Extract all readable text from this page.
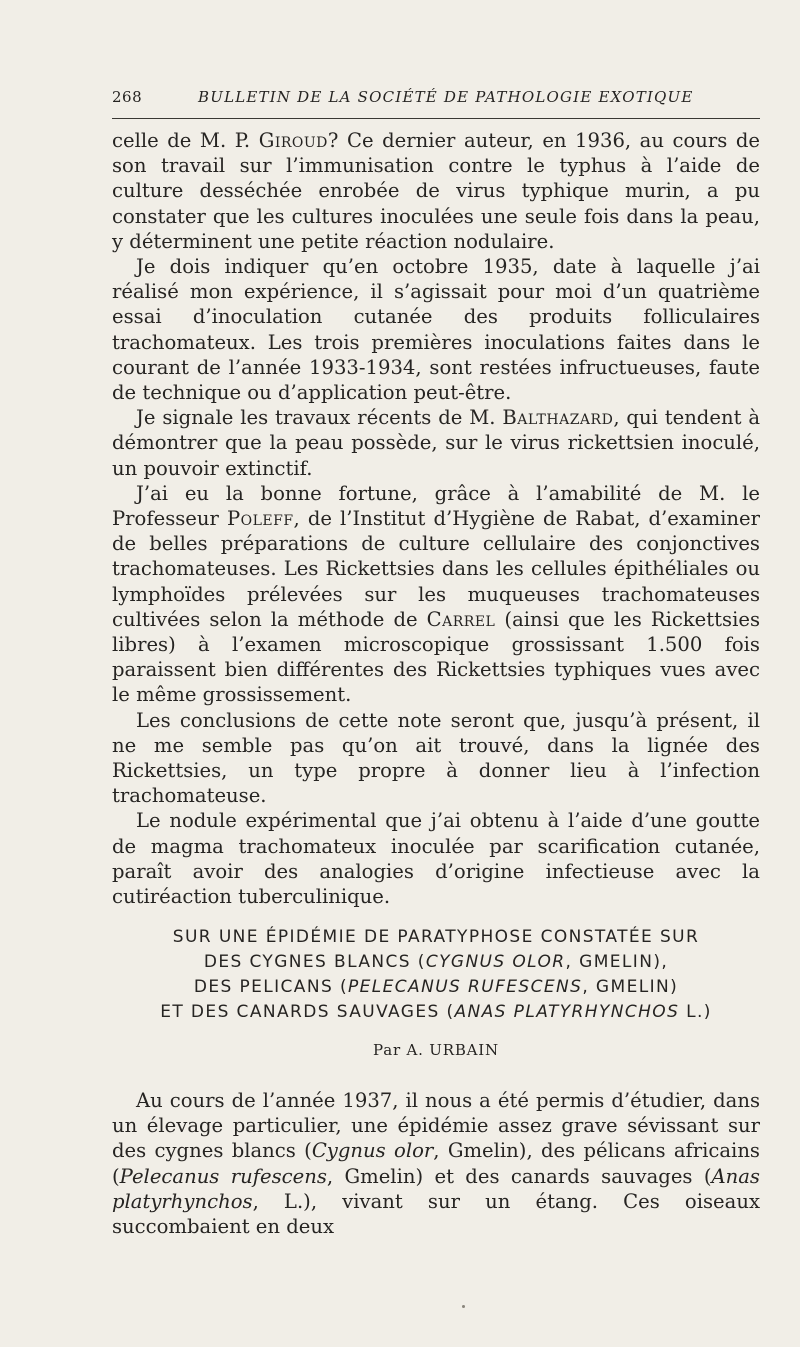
268	BULLETIN DE LA SOCIÉTÉ DE PATHOLOGIE EXOTIQUE

celle de M. P. Giroud? Ce dernier auteur, en 1936, au cours de son travail sur l’immunisation contre le typhus à l’aide de culture desséchée enrobée de virus typhique murin, a pu constater que les cultures inoculées une seule fois dans la peau, y déterminent une petite réaction nodulaire.

Je dois indiquer qu’en octobre 1935, date à laquelle j’ai réalisé mon expérience, il s’agissait pour moi d’un quatrième essai d’inoculation cutanée des produits folliculaires trachomateux. Les trois premières inoculations faites dans le courant de l’année 1933-1934, sont restées infructueuses, faute de technique ou d’application peut-être.

Je signale les travaux récents de M. Balthazard, qui tendent à démontrer que la peau possède, sur le virus rickettsien inoculé, un pouvoir extinctif.

J’ai eu la bonne fortune, grâce à l’amabilité de M. le Professeur Poleff, de l’Institut d’Hygiène de Rabat, d’examiner de belles préparations de culture cellulaire des conjonctives trachomateuses. Les Rickettsies dans les cellules épithéliales ou lymphoïdes prélevées sur les muqueuses trachomateuses cultivées selon la méthode de Carrel (ainsi que les Rickettsies libres) à l’examen microscopique grossissant 1.500 fois paraissent bien différentes des Rickettsies typhiques vues avec le même grossissement.

Les conclusions de cette note seront que, jusqu’à présent, il ne me semble pas qu’on ait trouvé, dans la lignée des Rickettsies, un type propre à donner lieu à l’infection trachomateuse.

Le nodule expérimental que j’ai obtenu à l’aide d’une goutte de magma trachomateux inoculée par scarification cutanée, paraît avoir des analogies d’origine infectieuse avec la cutiréaction tuberculinique.

SUR UNE ÉPIDÉMIE DE PARATYPHOSE CONSTATÉE SUR
DES CYGNES BLANCS (CYGNUS OLOR, GMELIN),
DES PELICANS (PELECANUS RUFESCENS, GMELIN)
ET DES CANARDS SAUVAGES (ANAS PLATYRHYNCHOS L.)
Par A. URBAIN

Au cours de l’année 1937, il nous a été permis d’étudier, dans un élevage particulier, une épidémie assez grave sévissant sur des cygnes blancs (Cygnus olor, Gmelin), des pélicans africains (Pelecanus rufescens, Gmelin) et des canards sauvages (Anas platyrhynchos, L.), vivant sur un étang. Ces oiseaux succombaient en deux
